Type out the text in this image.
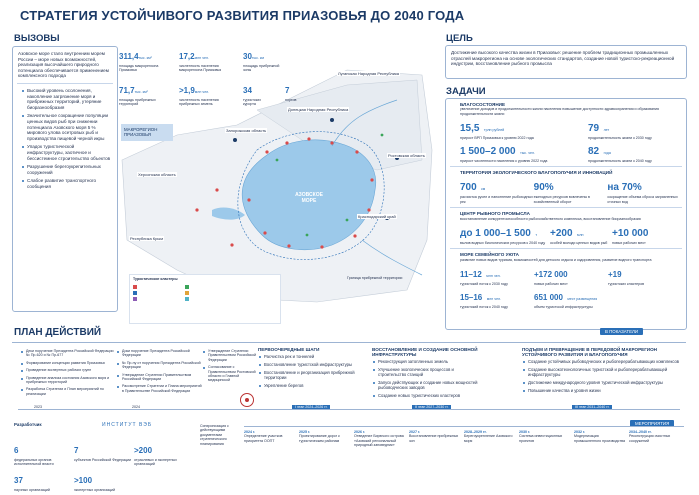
СТРАТЕГИЯ УСТОЙЧИВОГО РАЗВИТИЯ ПРИАЗОВЬЯ ДО 2040 ГОДА
ВЫЗОВЫ
Азовское море стало внутренним морем России – море новых возможностей, реализация высочайшего природного потенциала обеспечивается применением комплексного подхода
Высокий уровень осолонения, накопление загрязнение моря и прибрежных территорий, утеряние биоразнообразия
Значительное сокращение популяции ценных видов рыб при снижении потенциала Азовского моря 5 % мирового улова осетровых рыб и производства пищевой черной икры
Упадок туристической инфраструктуры, хаотичное и бессистемное строительство объектов
Разрушение берегоукрепительных сооружений
Слабое развитие транспортного сообщения
311,4тыс. км²
площадь макрорегиона Приазовья
17,2млн чел.
численность населения макрорегиона Приазовья
30тыс. км
площадь прибрежной зоны
71,7тыс. км²
площадь прибрежных территорий
>1,9млн чел.
численность населения прибрежных земель
34
туристских курорта
7
портов
МАКРОРЕГИОН ПРИАЗОВЬЯ
АЗОВСКОЕ МОРЕ
Луганская Народная Республика
Донецкая Народная Республика
Запорожская область
Херсонская область
Ростовская область
Краснодарский край
Республика Крым
Туристические кластеры	Граница прибрежной территории
ЦЕЛЬ
Достижение высокого качества жизни в Приазовье: решение проблем традиционных промышленных отраслей макрорегиона на основе экологических стандартов, создание новой туристско-рекреационной индустрии, восстановление рыбного промысла
ЗАДАЧИ
БЛАГОСОСТОЯНИЕ
увеличение доходов и продолжительности жизни населения повышение доступности здравоохранения и образования продолжительности жизни
15,5 трлн рублей
прирост ВРП Приазовья к уровню 2022 года
79 лет
продолжительность жизни к 2030 году
1 500–2 000 тыс. чел.
прирост численности населения к уровню 2022 года
82 года
продолжительность жизни к 2040 году
ТЕРРИТОРИЯ ЭКОЛОГИЧЕСКОГО БЛАГОПОЛУЧИЯ И ИННОВАЦИЙ
700 км
расчистка русел и наполнение рыбоходных рек
90%
ежегодных ресурсов вовлечены в хозяйственный оборот
на 70%
сокращение объема сброса загрязненных сточных вод
ЦЕНТР РЫБНОГО ПРОМЫСЛА
восстановление конкурентоспособности рыбохозяйственного комплекса, восстановление биоразнообразия
до 1 000–1 500 т
вылов водных биологических ресурсов к 2040 году
+200 млн
особей молоди ценных видов рыб
+10 000
новых рабочих мест
МОРЕ СЕМЕЙНОГО УЮТА
развитие новых видов туризма, возможностей для детского отдыха и оздоровления, развитие водного транспорта
11–12 млн чел.
туристский поток к 2030 году
+172 000
новых рабочих мест
+19
туристских кластеров
15–16 млн чел.
туристский поток к 2040 году
651 000 мест размещения
объем туристской инфраструктуры
В ПОКАЗАТЕЛИ
ПЛАН ДЕЙСТВИЙ
Деки поручение Президента Российской Федерации № Пр-620 и № Пр-677
Формирование концепции развития Приазовья
Проведение экспертных рабочих групп
Проведение анализа состояния Азовского моря и прибрежных территорий
Разработка Стратегии и План мероприятий по реализации
Доки поручение Президента Российской Федерации
№ Пр-ну от поручения Президента Российской Федерации
Утверждение Стратегии Правительством Российской Федерации
Рассмотрение Стратегии и Плана мероприятий в Правительстве Российской Федерации
Утверждение Стратегии Правительством Российской Федерации
Согласование с Правительством Ростовской области и Главной медицинской
ПЕРВООЧЕРЕДНЫЕ ШАГИ
Расчистка рек и тоннелей
Восстановление туристской инфраструктуры
Восстановление и реорганизация прибрежной территории
Укрепление берегов
ВОССТАНОВЛЕНИЕ И СОЗДАНИЕ ОСНОВНОЙ ИНФРАСТРУКТУРЫ
Реконструкция затопленных земель
Улучшение экологических процессов и строительство станций
Запуск действующих и создание новых мощностей рыбоводческих заводов
Создание новых туристических кластеров
ПОДЪЕМ И ПРЕВРАЩЕНИЕ В ПЕРЕДОВОЙ МАКРОРЕГИОН УСТОЙЧИВОГО РАЗВИТИЯ И БЛАГОПОЛУЧИЯ
Создание устойчивых рыбоводческих и рыбоперерабатывающих комплексов
Создание высокотехнологичных туристской и рыбоперерабатывающей инфраструктуры
Достижение международного уровня туристической инфраструктуры
Повышение качества и уровня жизни
2023	2024	I этап 2024–2026 гг.	II этап 2027–2030 гг.	III этап 2031–2040 гг.
МЕРОПРИЯТИЯ
Разработчик	ИНСТИТУТ ВЭБ
6
федеральных органов исполнительной власти
7
субъектов Российской Федерации
>200
отраслевых и экспертных организаций
37
научных организаций
>100
экспертных организаций
Синхронизация с действующими документами стратегического планирования
2024 г.
Определение участков приоритета ООПТ
2025 г.
Проектирование дорог к туристическим районам
2026 г.
Отведение Бирючого острова «Азовский региональный природный заповедник»
2027 г.
Восстановление прибрежных зон
2028–2029 гг.
Берегоукрепление Азовского моря
2030 г.
Система инвестиционных проектов
2032 г.
Модернизация промышленного производства
2034–2040 гг.
Реконструкция очистных сооружений
